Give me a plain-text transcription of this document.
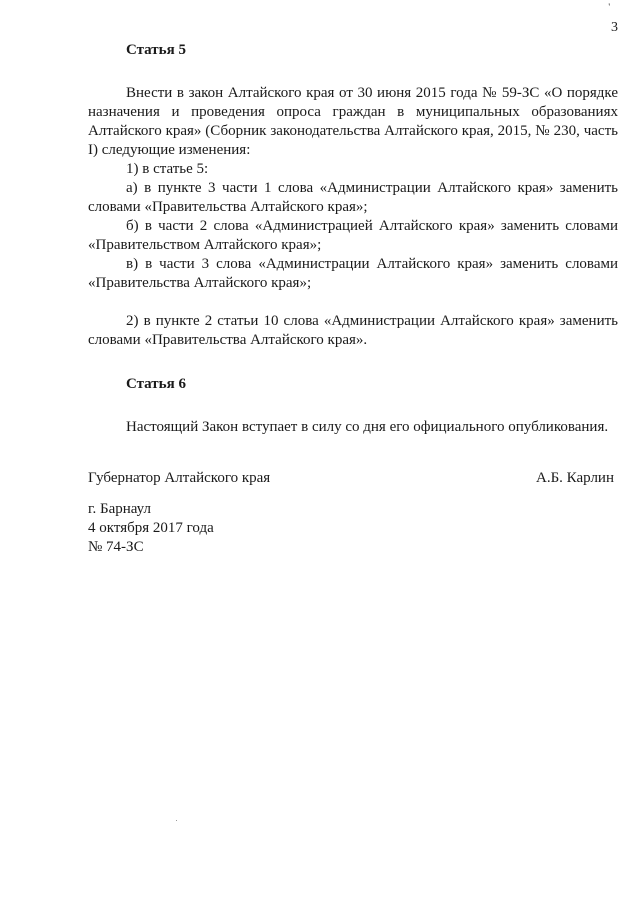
'
3
Статья 5

Внести в закон Алтайского края от 30 июня 2015 года № 59-ЗС «О порядке назначения и проведения опроса граждан в муниципальных образованиях Алтайского края» (Сборник законодательства Алтайского края, 2015, № 230, часть I) следующие изменения:

1) в статье 5:

а) в пункте 3 части 1 слова «Администрации Алтайского края» заменить словами «Правительства Алтайского края»;

б) в части 2 слова «Администрацией Алтайского края» заменить словами «Правительством Алтайского края»;

в) в части 3 слова «Администрации Алтайского края» заменить словами «Правительства Алтайского края»;

2) в пункте 2 статьи 10 слова «Администрации Алтайского края» заменить словами «Правительства Алтайского края».

Статья 6

Настоящий Закон вступает в силу со дня его официального опубликования.

Губернатор Алтайского края	А.Б. Карлин
г. Барнаул
4 октября 2017 года
№ 74-ЗС
